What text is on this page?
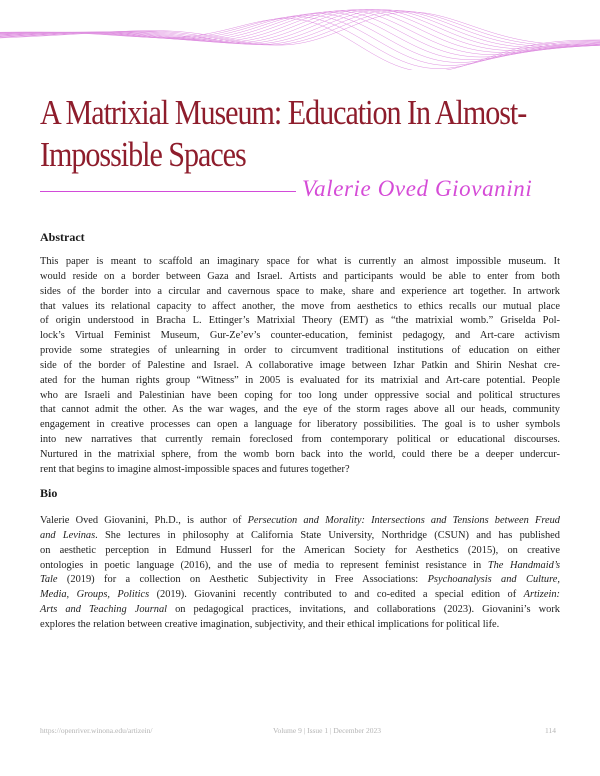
A Matrixial Museum: Education In Almost-
Impossible Spaces
Valerie Oved Giovanini
Abstract
This paper is meant to scaffold an imaginary space for what is currently an almost impossible museum. It
would reside on a border between Gaza and Israel. Artists and participants would be able to enter from both
sides of the border into a circular and cavernous space to make, share and experience art together. In artwork
that values its relational capacity to affect another, the move from aesthetics to ethics recalls our mutual place
of origin understood in Bracha L. Ettinger’s Matrixial Theory (EMT) as “the matrixial womb.” Griselda Pol-
lock’s Virtual Feminist Museum, Gur-Ze’ev’s counter-education, feminist pedagogy, and Art-care activism
provide some strategies of unlearning in order to circumvent traditional institutions of education on either
side of the border of Palestine and Israel. A collaborative image between Izhar Patkin and Shirin Neshat cre-
ated for the human rights group “Witness” in 2005 is evaluated for its matrixial and Art-care potential. People
who are Israeli and Palestinian have been coping for too long under oppressive social and political structures
that cannot admit the other. As the war wages, and the eye of the storm rages above all our heads, community
engagement in creative processes can open a language for liberatory possibilities. The goal is to usher symbols
into new narratives that currently remain foreclosed from contemporary political or educational discourses.
Nurtured in the matrixial sphere, from the womb born back into the world, could there be a deeper undercur-
rent that begins to imagine almost-impossible spaces and futures together?
Bio
Valerie Oved Giovanini, Ph.D., is author of Persecution and Morality: Intersections and Tensions between Freud
and Levinas. She lectures in philosophy at California State University, Northridge (CSUN) and has published
on aesthetic perception in Edmund Husserl for the American Society for Aesthetics (2015), on creative
ontologies in poetic language (2016), and the use of media to represent feminist resistance in The Handmaid’s
Tale (2019) for a collection on Aesthetic Subjectivity in Free Associations: Psychoanalysis and Culture,
Media, Groups, Politics (2019). Giovanini recently contributed to and co-edited a special edition of Artizein:
Arts and Teaching Journal on pedagogical practices, invitations, and collaborations (2023). Giovanini’s work
explores the relation between creative imagination, subjectivity, and their ethical implications for political life.
https://openriver.winona.edu/artizein/	Volume 9 | Issue 1 | December 2023	114
